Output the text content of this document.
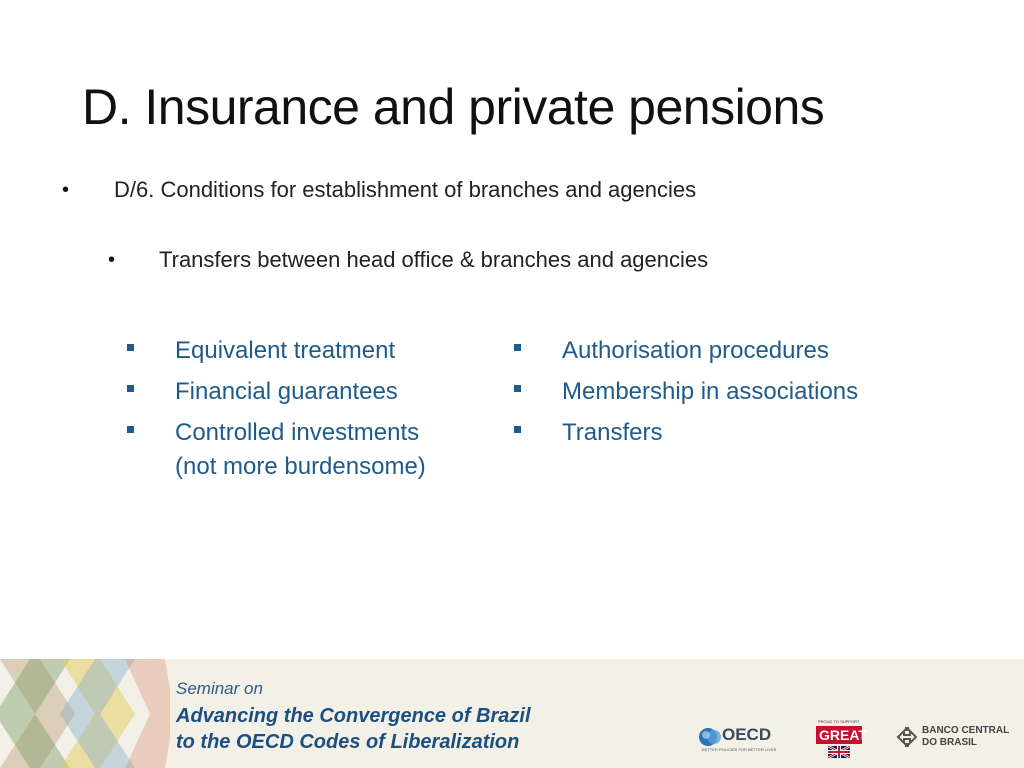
D. Insurance and private pensions
• D/6. Conditions for establishment of branches and agencies
• Transfers between head office & branches and agencies
Equivalent treatment
Financial guarantees
Controlled investments
(not more burdensome)
Authorisation procedures
Membership in associations
Transfers
Seminar on
Advancing the Convergence of Brazil
to the OECD Codes of Liberalization	OECD
BETTER POLICIES FOR BETTER LIVES
PROUD TO SUPPORT
GREAT	BANCO CENTRAL
DO BRASIL
